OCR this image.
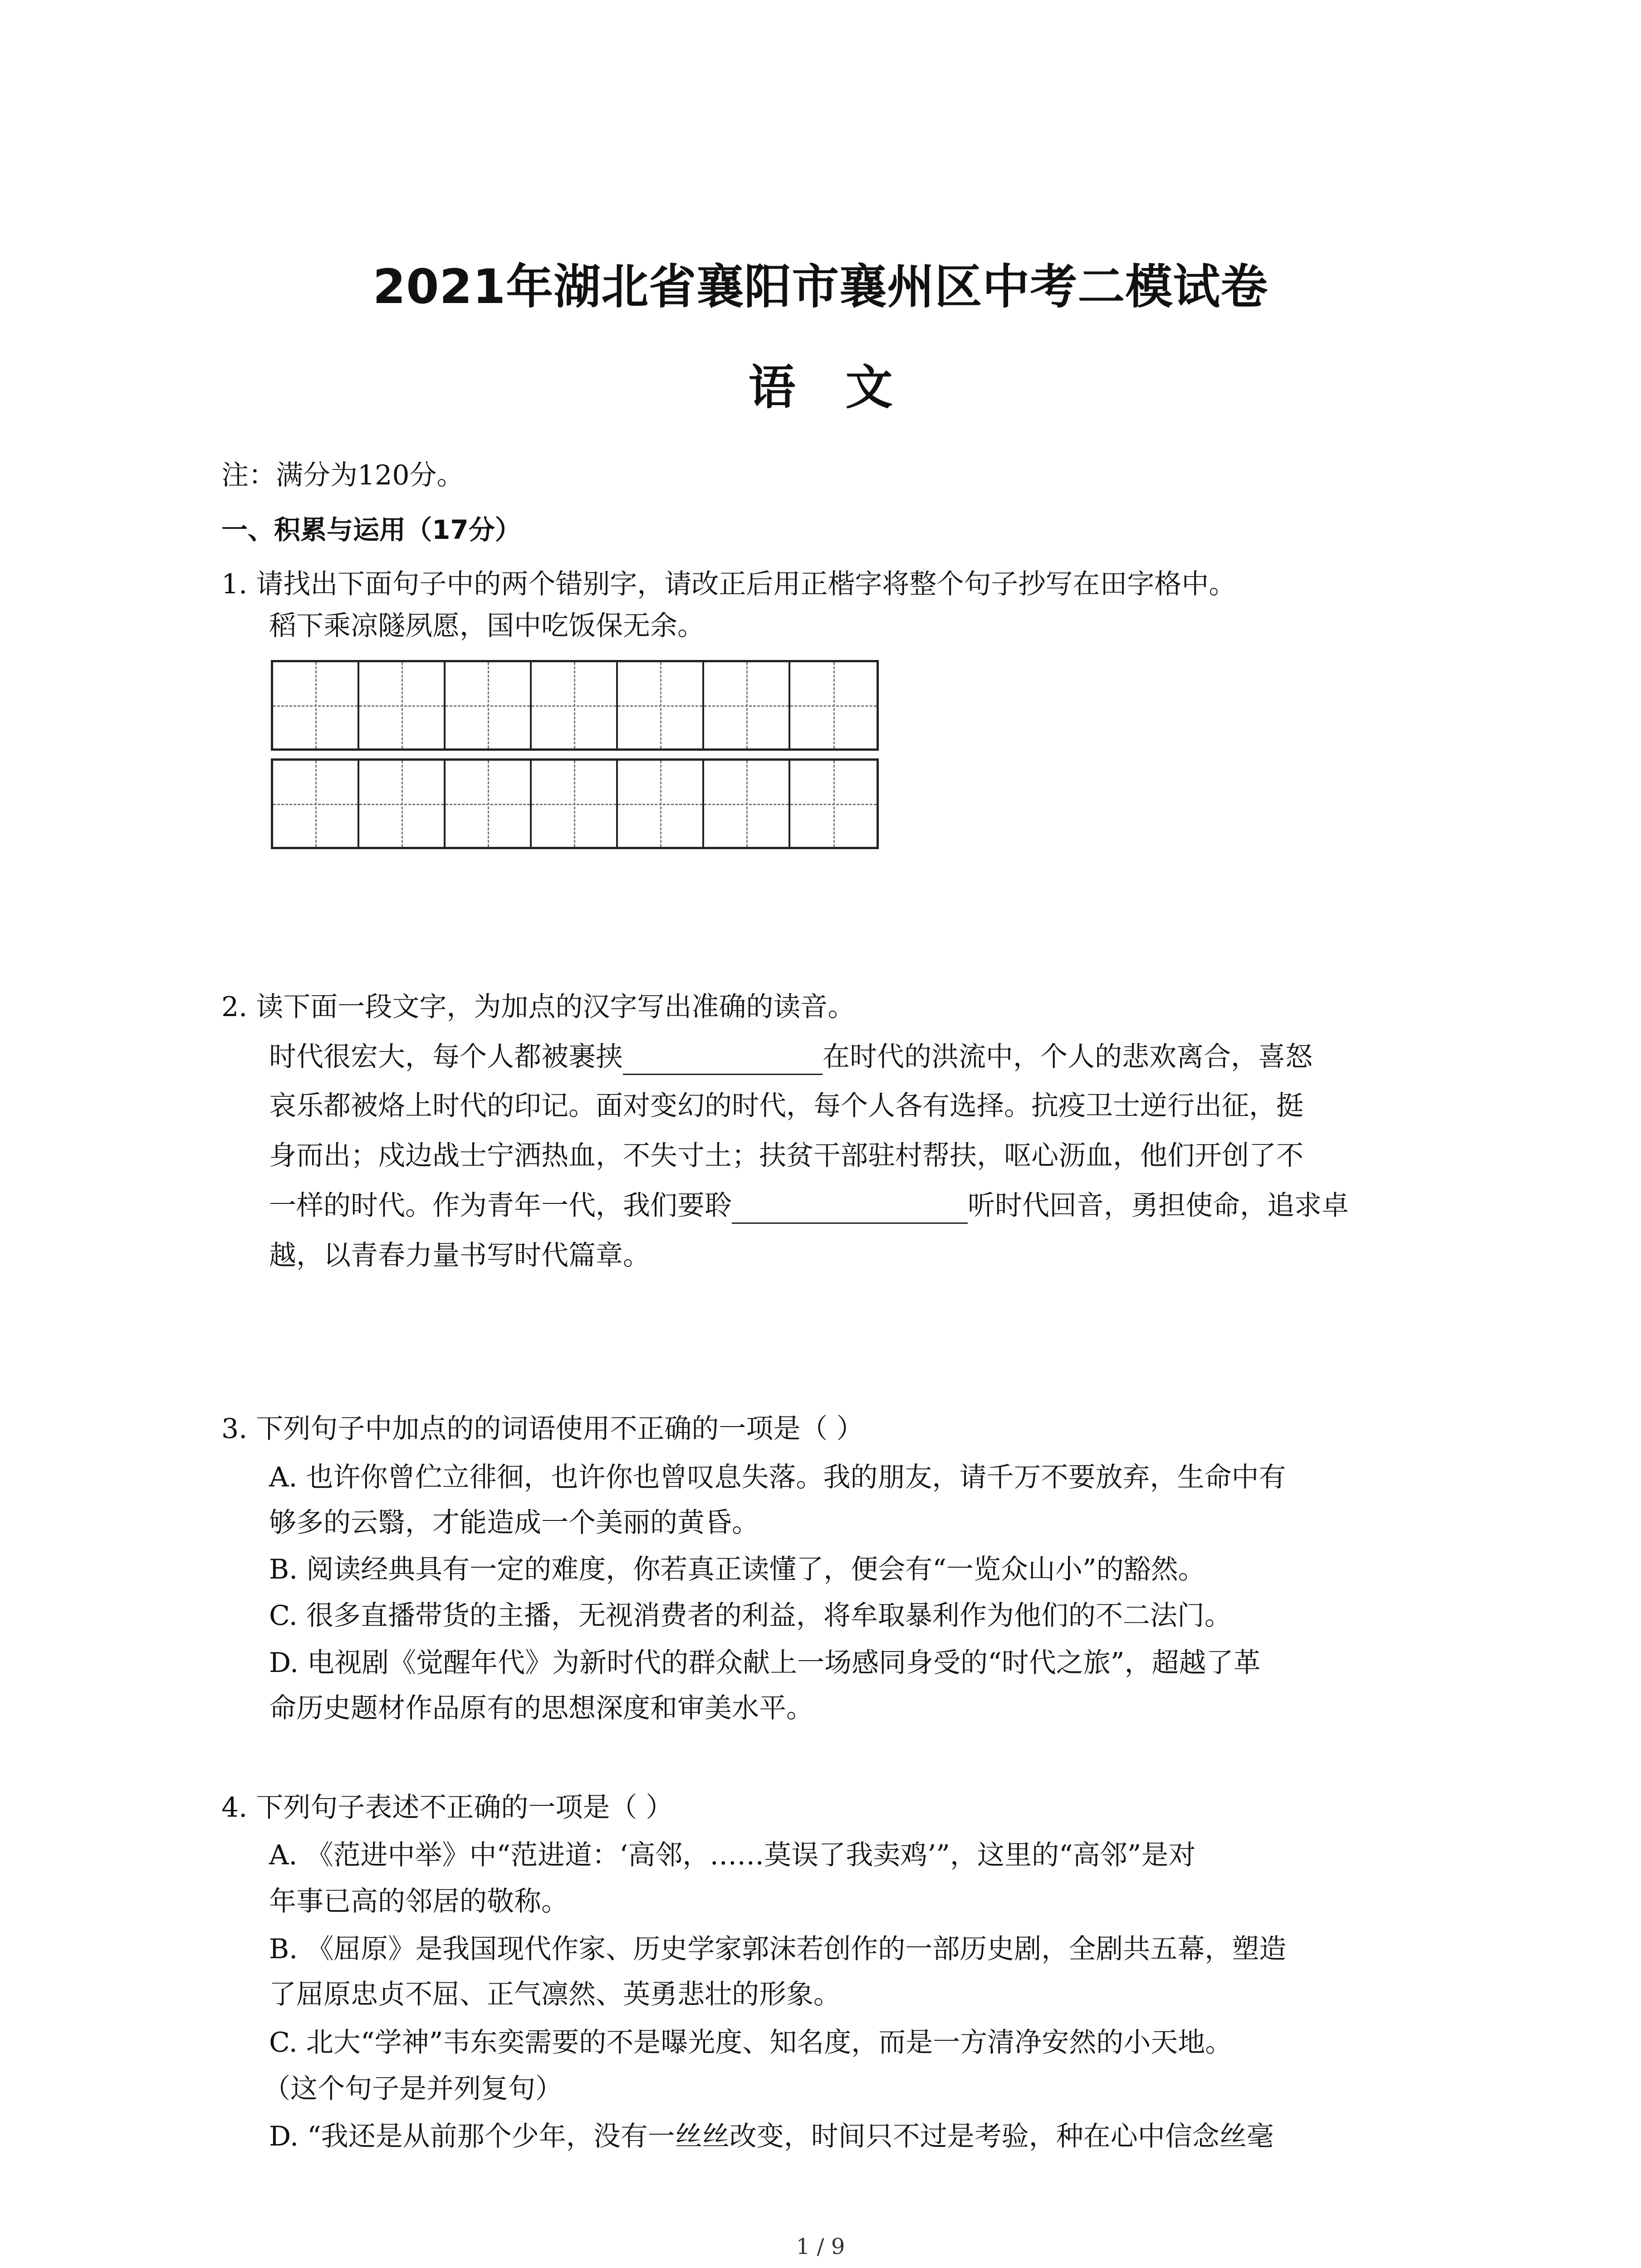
2021年湖北省襄阳市襄州区中考二模试卷
语文
注：满分为120分。
一、积累与运用（17分）
1. 请找出下面句子中的两个错别字，请改正后用正楷字将整个句子抄写在田字格中。
稻下乘凉隧夙愿，国中吃饭保无余。
2. 读下面一段文字，为加点的汉字写出准确的读音。
时代很宏大，每个人都被裹挟	在时代的洪流中，个人的悲欢离合，喜怒
哀乐都被烙上时代的印记。面对变幻的时代，每个人各有选择。抗疫卫士逆行出征，挺
身而出；戍边战士宁洒热血，不失寸土；扶贫干部驻村帮扶，呕心沥血，他们开创了不
一样的时代。作为青年一代，我们要聆	听时代回音，勇担使命，追求卓
越，以青春力量书写时代篇章。
3. 下列句子中加点的的词语使用不正确的一项是（ ）
A. 也许你曾伫立徘徊，也许你也曾叹息失落。我的朋友，请千万不要放弃，生命中有
够多的云翳，才能造成一个美丽的黄昏。
B. 阅读经典具有一定的难度，你若真正读懂了，便会有“一览众山小”的豁然。
C. 很多直播带货的主播，无视消费者的利益，将牟取暴利作为他们的不二法门。
D. 电视剧《觉醒年代》为新时代的群众献上一场感同身受的“时代之旅”，超越了革
命历史题材作品原有的思想深度和审美水平。
4. 下列句子表述不正确的一项是（ ）
A. 《范进中举》中“范进道：‘高邻，……莫误了我卖鸡’”，这里的“高邻”是对
年事已高的邻居的敬称。
B. 《屈原》是我国现代作家、历史学家郭沫若创作的一部历史剧，全剧共五幕，塑造
了屈原忠贞不屈、正气凛然、英勇悲壮的形象。
C. 北大“学神”韦东奕需要的不是曝光度、知名度，而是一方清净安然的小天地。
（这个句子是并列复句）
D. “我还是从前那个少年，没有一丝丝改变，时间只不过是考验，种在心中信念丝毫
1 / 9
